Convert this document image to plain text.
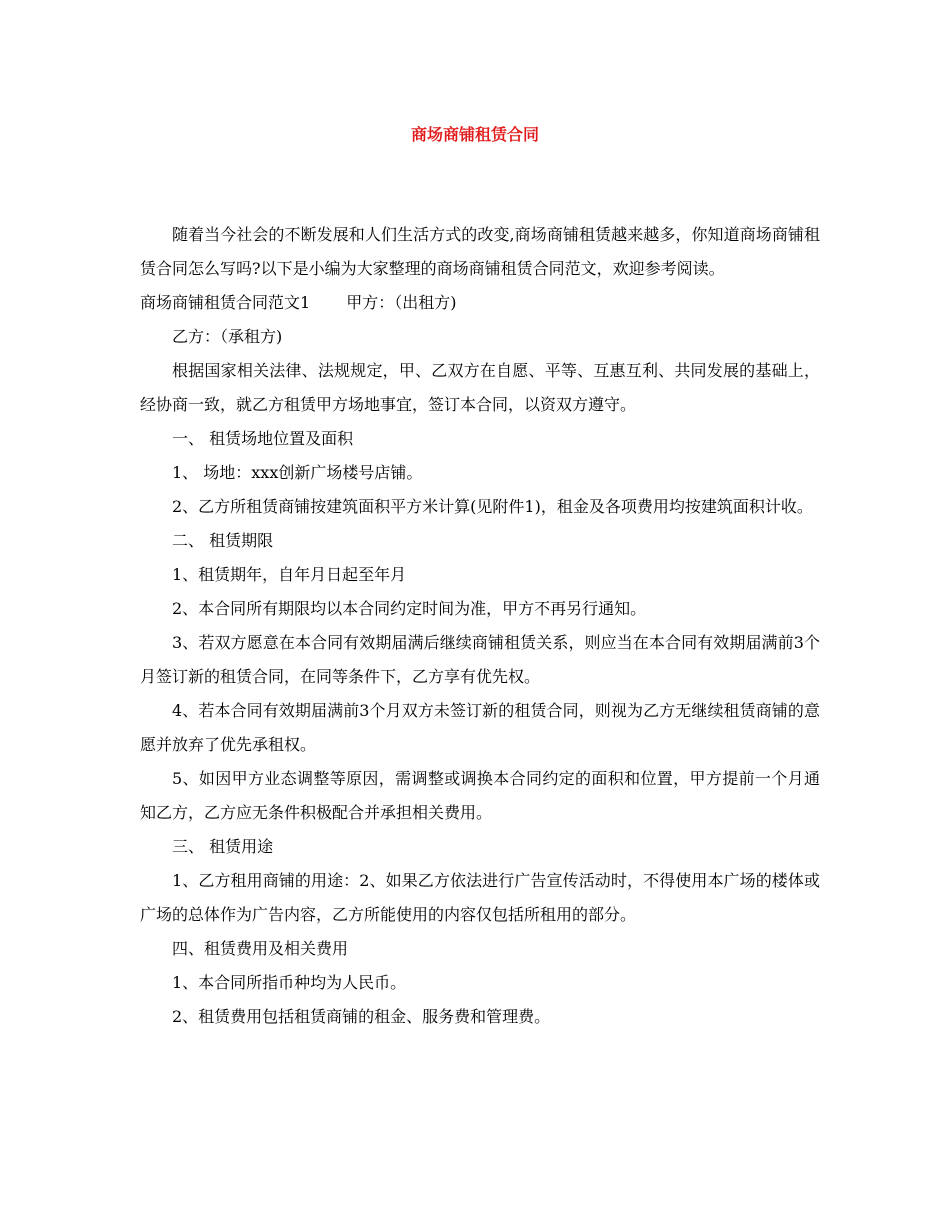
商场商铺租赁合同

随着当今社会的不断发展和人们生活方式的改变,商场商铺租赁越来越多，你知道商场商铺租赁合同怎么写吗?以下是小编为大家整理的商场商铺租赁合同范文，欢迎参考阅读。

商场商铺租赁合同范文1 甲方：（出租方)

乙方：（承租方)

根据国家相关法律、法规规定，甲、乙双方在自愿、平等、互惠互利、共同发展的基础上，经协商一致，就乙方租赁甲方场地事宜，签订本合同，以资双方遵守。

一、 租赁场地位置及面积

1、 场地：xxx创新广场楼号店铺。

2、乙方所租赁商铺按建筑面积平方米计算(见附件1)，租金及各项费用均按建筑面积计收。

二、 租赁期限

1、租赁期年，自年月日起至年月

2、本合同所有期限均以本合同约定时间为准，甲方不再另行通知。

3、若双方愿意在本合同有效期届满后继续商铺租赁关系，则应当在本合同有效期届满前3个月签订新的租赁合同，在同等条件下，乙方享有优先权。

4、若本合同有效期届满前3个月双方未签订新的租赁合同，则视为乙方无继续租赁商铺的意愿并放弃了优先承租权。

5、如因甲方业态调整等原因，需调整或调换本合同约定的面积和位置，甲方提前一个月通知乙方，乙方应无条件积极配合并承担相关费用。

三、 租赁用途

1、乙方租用商铺的用途：2、如果乙方依法进行广告宣传活动时，不得使用本广场的楼体或广场的总体作为广告内容，乙方所能使用的内容仅包括所租用的部分。

四、租赁费用及相关费用

1、本合同所指币种均为人民币。

2、租赁费用包括租赁商铺的租金、服务费和管理费。
